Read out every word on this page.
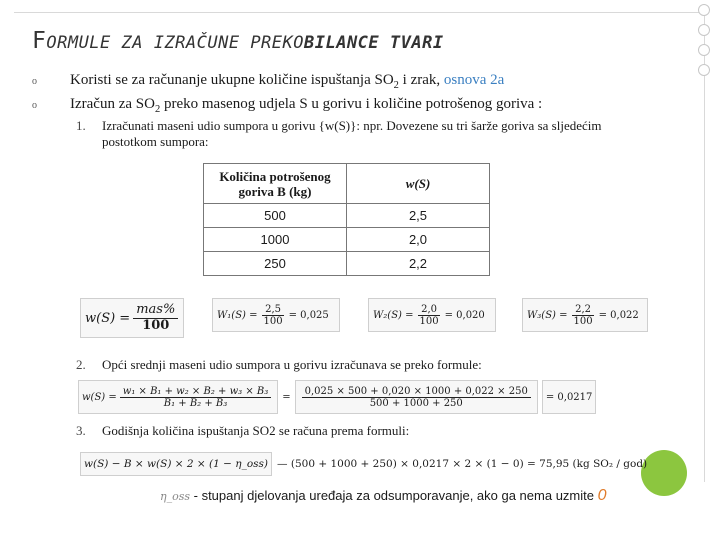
FORMULE ZA IZRAČUNE PREKOBILANCE TVARI
o	Koristi se za računanje ukupne količine ispuštanja $SO_2$ i zrak, osnova 2a
o	Izračun za $SO_2$ preko masenog udjela S u gorivu i količine potrošenog goriva :
1.	Izračunati maseni udio sumpora u gorivu {w(S)}: npr. Dovezene su tri šarže goriva sa sljedećim postotkom sumpora:
Količina potrošenog goriva B (kg)	w(S)
500	2,5
1000	2,0
250	2,2
$w(S) = \frac{\text{mas\%}}{100}$	$W_1(S) = \frac{2,5}{100} = 0,025$	$W_2(S) = \frac{2,0}{100} = 0,020$	$W_3(S) = \frac{2,2}{100} = 0,022$
2.	Opći srednji maseni udio sumpora u gorivu izračunava se preko formule:
$w(S) = \frac{\text{w₁ × B₁ + w₂ × B₂ + w₃ × B₃}}{\text{B₁ + B₂ + B₃}} = \frac{0,025 \times 500 + 0,020 \times 1000 + 0,022 \times 250}{500 + 1000 + 250}$	= 0,0217
3.	Godišnja količina ispuštanja SO2 se računa prema formuli:
w(S) − B × w(S) × 2 × (1 − η_oss) — (500 + 1000 + 250) × 0,0217 × 2 × (1 − 0) = 75,95 (kg SO₂ / god)
η_oss - stupanj djelovanja uređaja za odsumporavanje, ako ga nema uzmite 0
